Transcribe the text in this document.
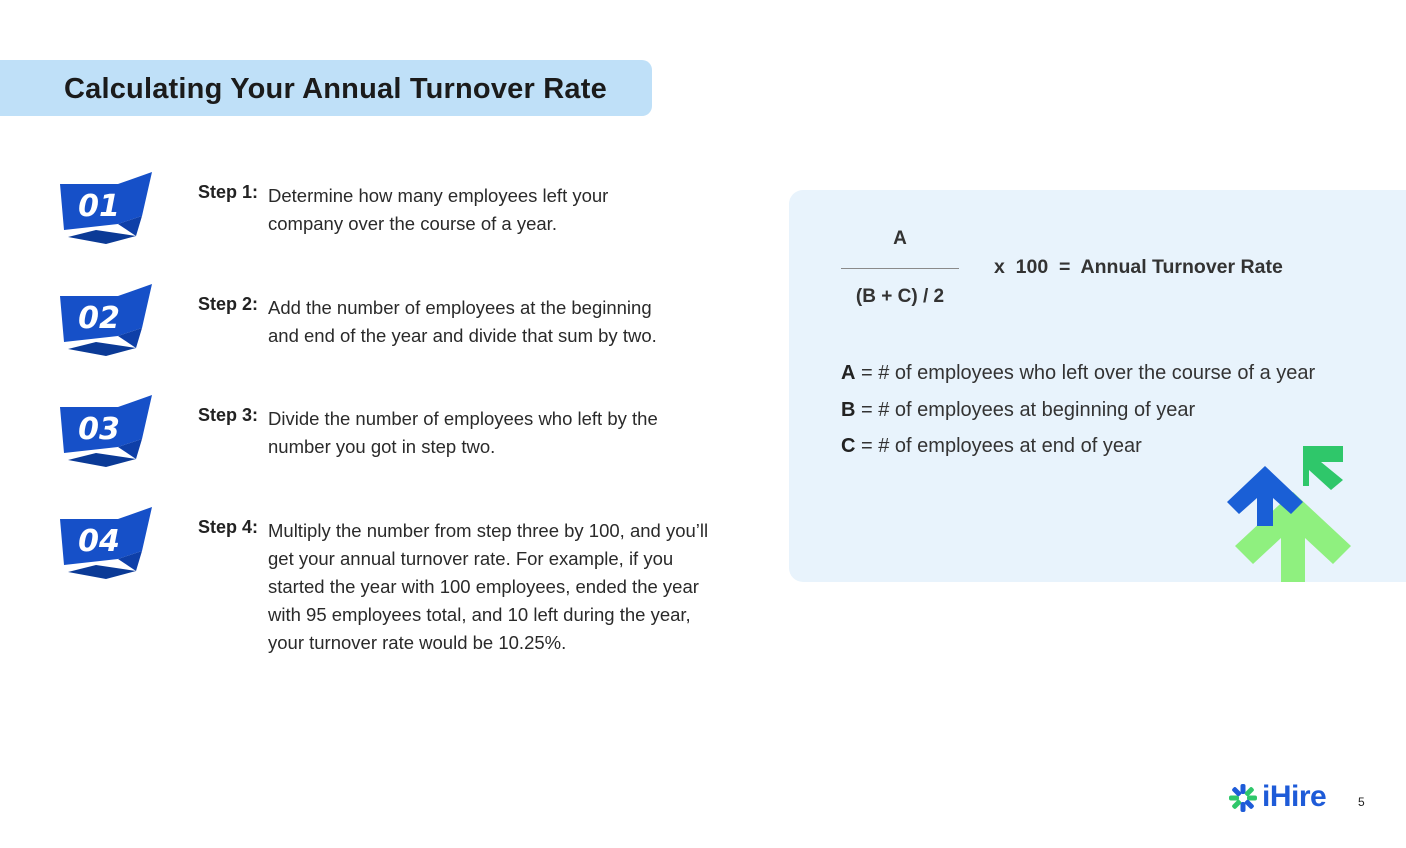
Calculating Your Annual Turnover Rate
01	Step 1: Determine how many employees left your company over the course of a year.

02	Step 2: Add the number of employees at the beginning and end of the year and divide that sum by two.

03	Step 3: Divide the number of employees who left by the number you got in step two.

04	Step 4: Multiply the number from step three by 100, and you’ll get your annual turnover rate. For example, if you started the year with 100 employees, ended the year with 95 employees total, and 10 left during the year, your turnover rate would be 10.25%.

A
(B + C) / 2
x  100  =  Annual Turnover Rate
A = # of employees who left over the course of a year
B = # of employees at beginning of year
C = # of employees at end of year
iHire	5
